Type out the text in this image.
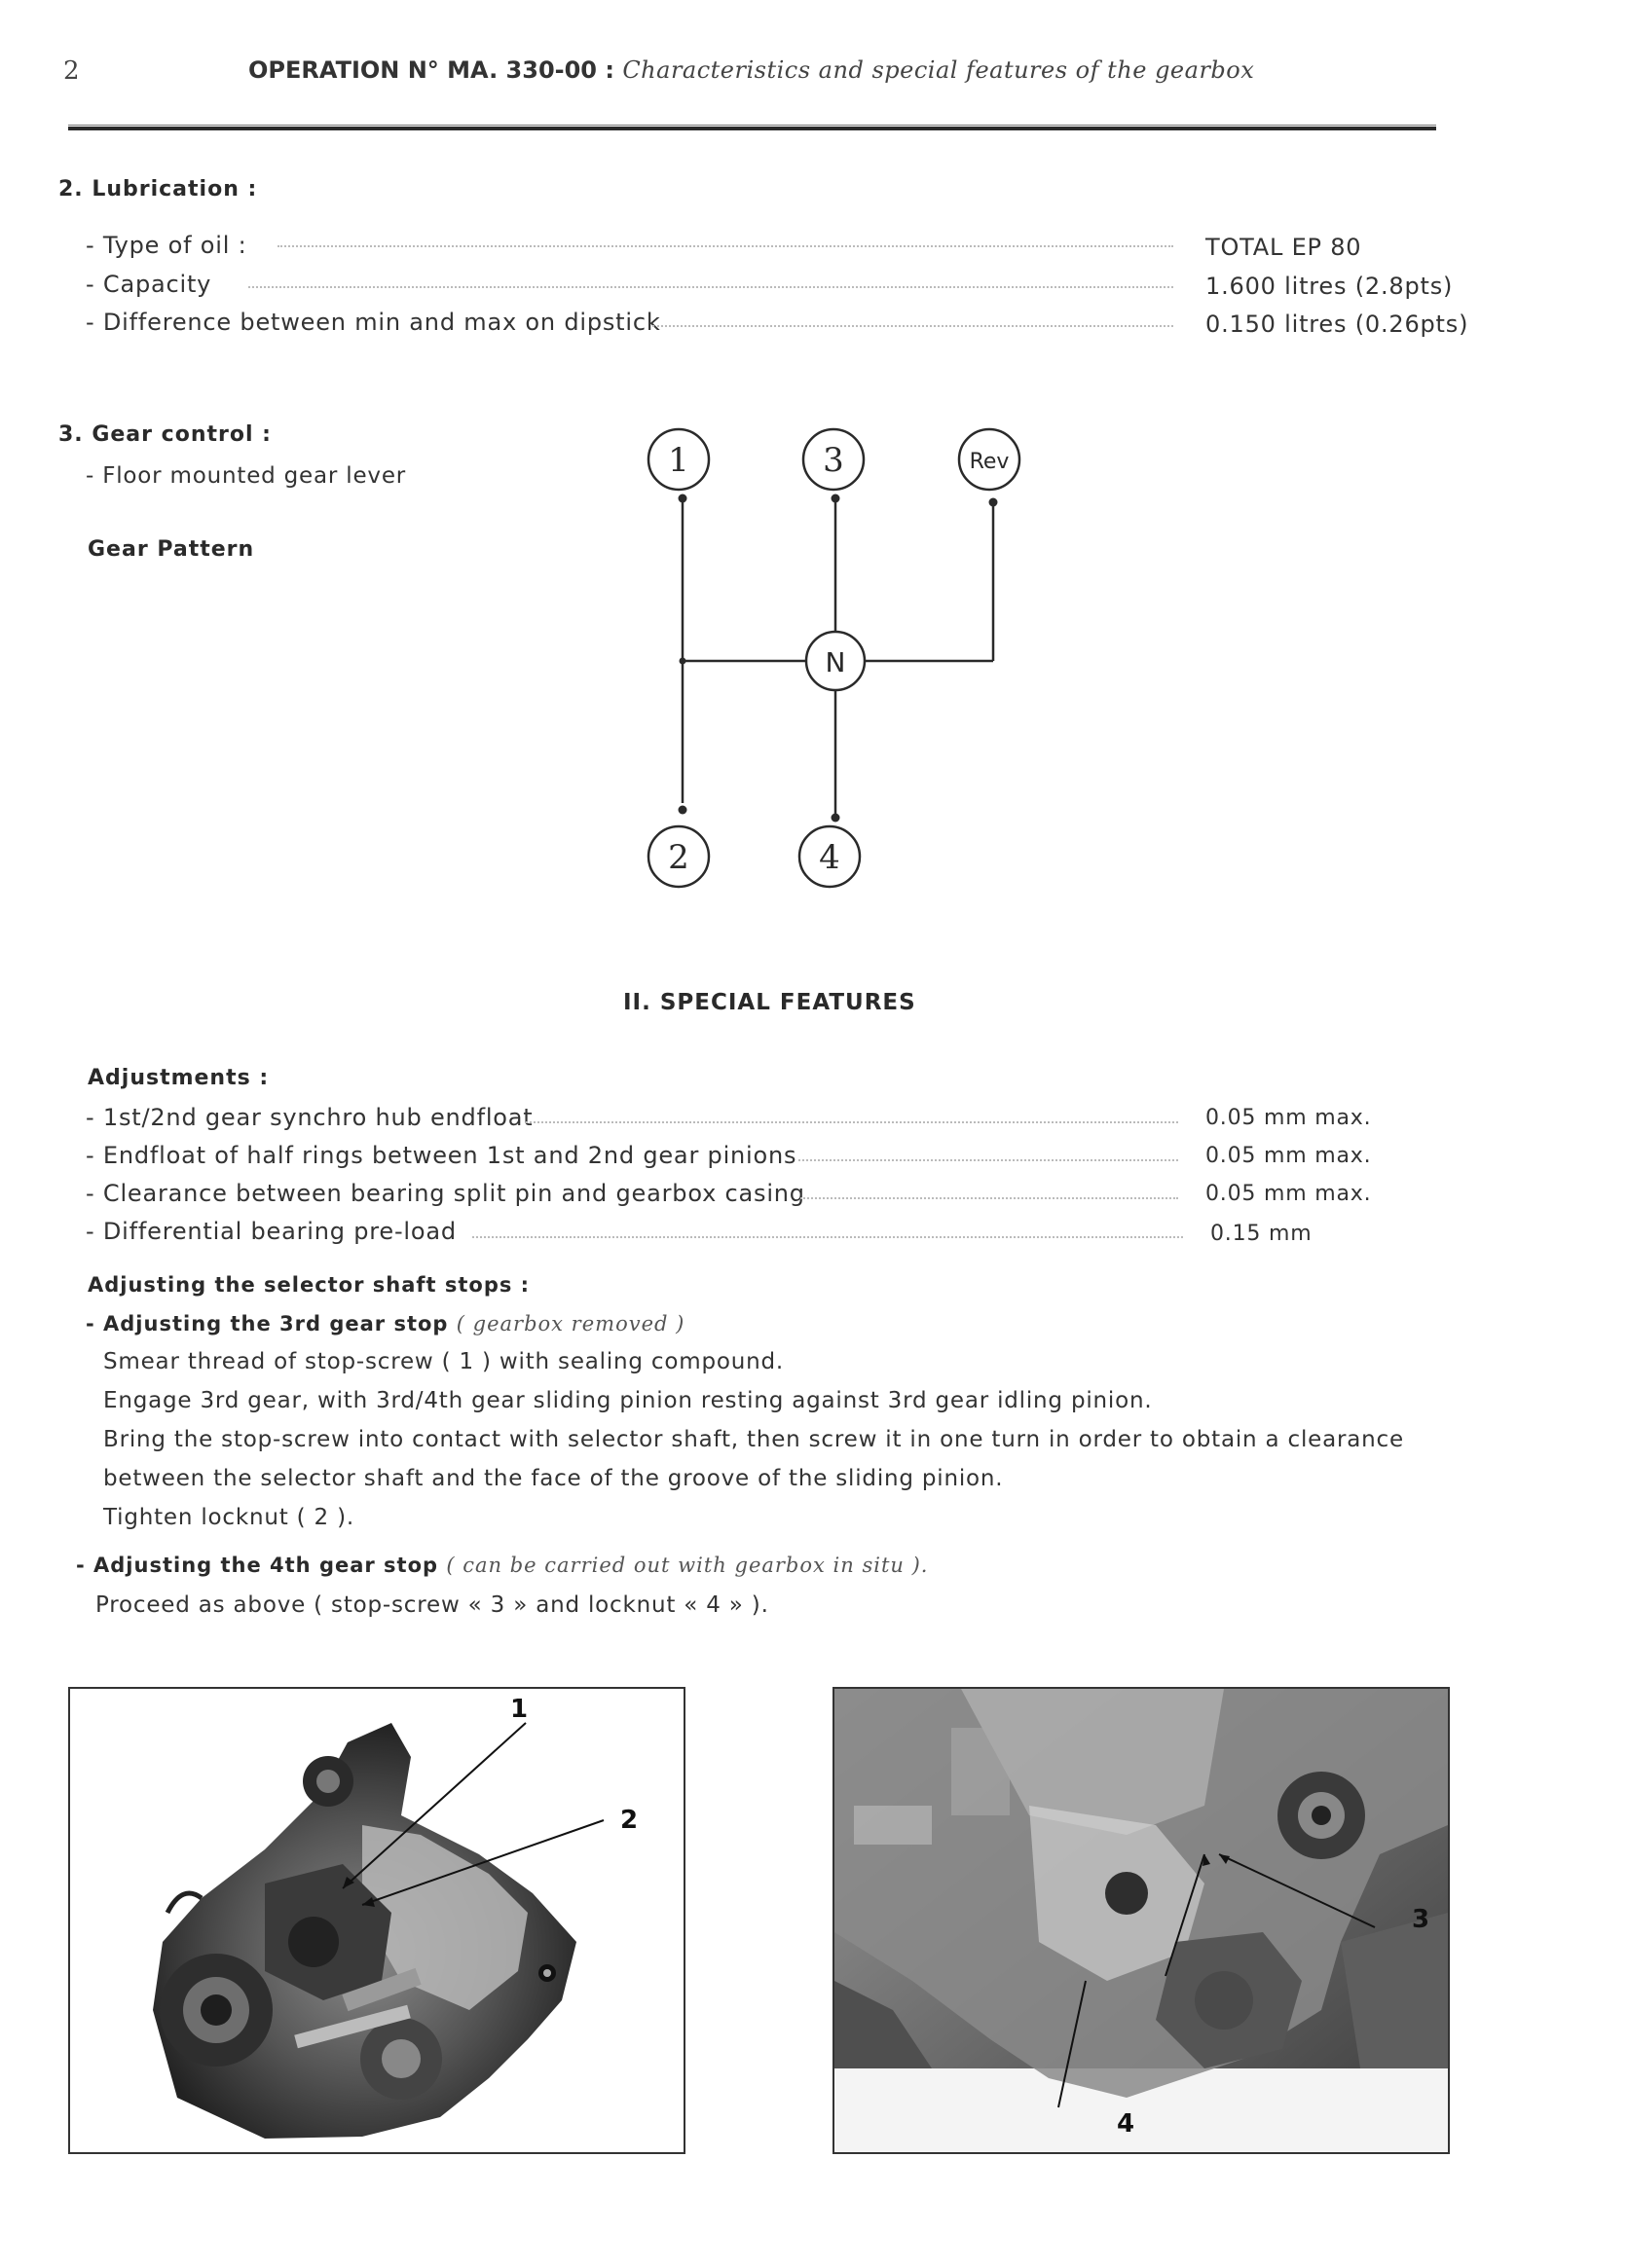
2	OPERATION N° MA. 330-00 : Characteristics and special features of the gearbox
2. Lubrication :
- Type of oil :	TOTAL EP 80
- Capacity	1.600 litres (2.8pts)
- Difference between min and max on dipstick	0.150 litres (0.26pts)
3. Gear control :
- Floor mounted gear lever
Gear Pattern
1	3
2	4
Rev
N
II. SPECIAL FEATURES
Adjustments :
- 1st/2nd gear synchro hub endfloat	0.05 mm max.
- Endfloat of half rings between 1st and 2nd gear pinions	0.05 mm max.
- Clearance between bearing split pin and gearbox casing	0.05 mm max.
- Differential bearing pre-load	0.15 mm
Adjusting the selector shaft stops :
- Adjusting the 3rd gear stop ( gearbox removed )
Smear thread of stop-screw ( 1 ) with sealing compound.
Engage 3rd gear, with 3rd/4th gear sliding pinion resting against 3rd gear idling pinion.
Bring the stop-screw into contact with selector shaft, then screw it in one turn in order to obtain a clearance
between the selector shaft and the face of the groove of the sliding pinion.
Tighten locknut ( 2 ).
- Adjusting the 4th gear stop ( can be carried out with gearbox in situ ).
Proceed as above ( stop-screw « 3 » and locknut « 4 » ).
1
2
3
4
